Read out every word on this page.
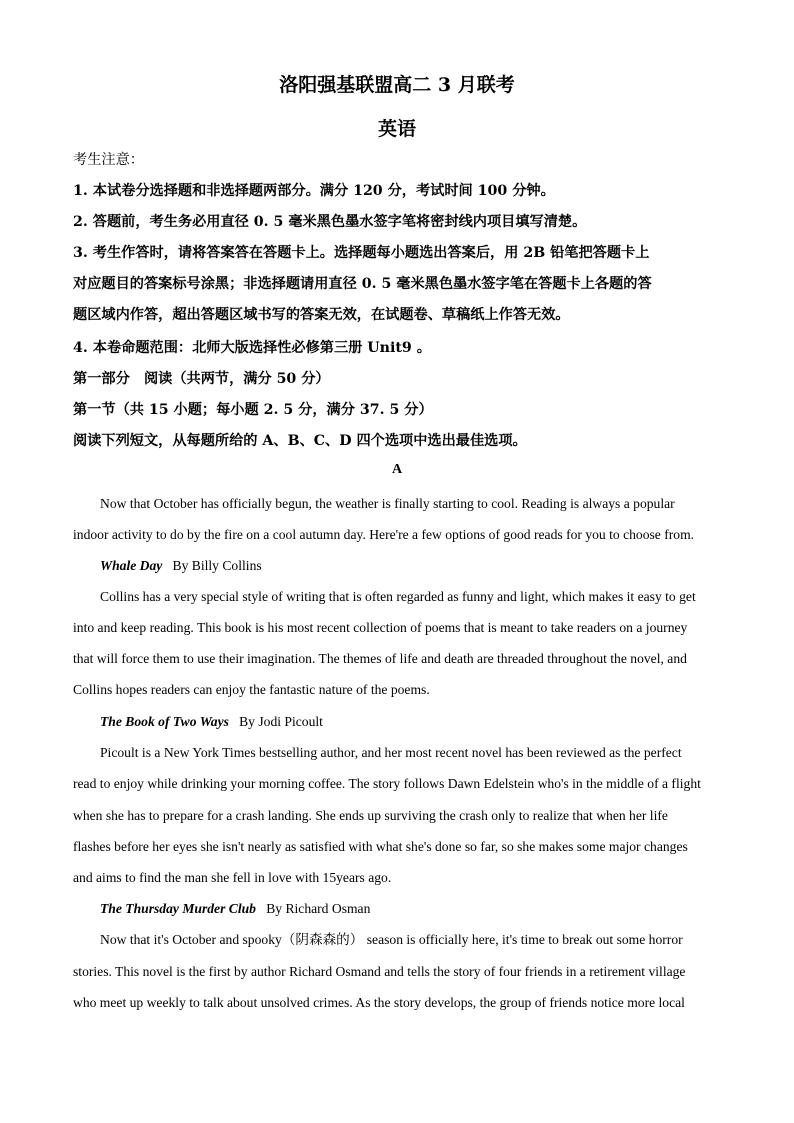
洛阳强基联盟高二 3 月联考
英语
考生注意：
1. 本试卷分选择题和非选择题两部分。满分 120 分，考试时间 100 分钟。
2. 答题前，考生务必用直径 0. 5 毫米黑色墨水签字笔将密封线内项目填写清楚。
3. 考生作答时，请将答案答在答题卡上。选择题每小题选出答案后，用 2B 铅笔把答题卡上
对应题目的答案标号涂黑；非选择题请用直径 0. 5 毫米黑色墨水签字笔在答题卡上各题的答
题区域内作答，超出答题区域书写的答案无效，在试题卷、草稿纸上作答无效。
4. 本卷命题范围：北师大版选择性必修第三册 Unit9 。
第一部分　阅读（共两节，满分 50 分）
第一节（共 15 小题；每小题 2. 5 分，满分 37. 5 分）
阅读下列短文，从每题所给的 A、B、C、D 四个选项中选出最佳选项。
A
Now that October has officially begun, the weather is finally starting to cool. Reading is always a popular
indoor activity to do by the fire on a cool autumn day. Here're a few options of good reads for you to choose from.
Whale Day By Billy Collins
Collins has a very special style of writing that is often regarded as funny and light, which makes it easy to get
into and keep reading. This book is his most recent collection of poems that is meant to take readers on a journey
that will force them to use their imagination. The themes of life and death are threaded throughout the novel, and
Collins hopes readers can enjoy the fantastic nature of the poems.
The Book of Two Ways By Jodi Picoult
Picoult is a New York Times bestselling author, and her most recent novel has been reviewed as the perfect
read to enjoy while drinking your morning coffee. The story follows Dawn Edelstein who's in the middle of a flight
when she has to prepare for a crash landing. She ends up surviving the crash only to realize that when her life
flashes before her eyes she isn't nearly as satisfied with what she's done so far, so she makes some major changes
and aims to find the man she fell in love with 15years ago.
The Thursday Murder Club By Richard Osman
Now that it's October and spooky（阴森森的） season is officially here, it's time to break out some horror
stories. This novel is the first by author Richard Osmand and tells the story of four friends in a retirement village
who meet up weekly to talk about unsolved crimes. As the story develops, the group of friends notice more local
